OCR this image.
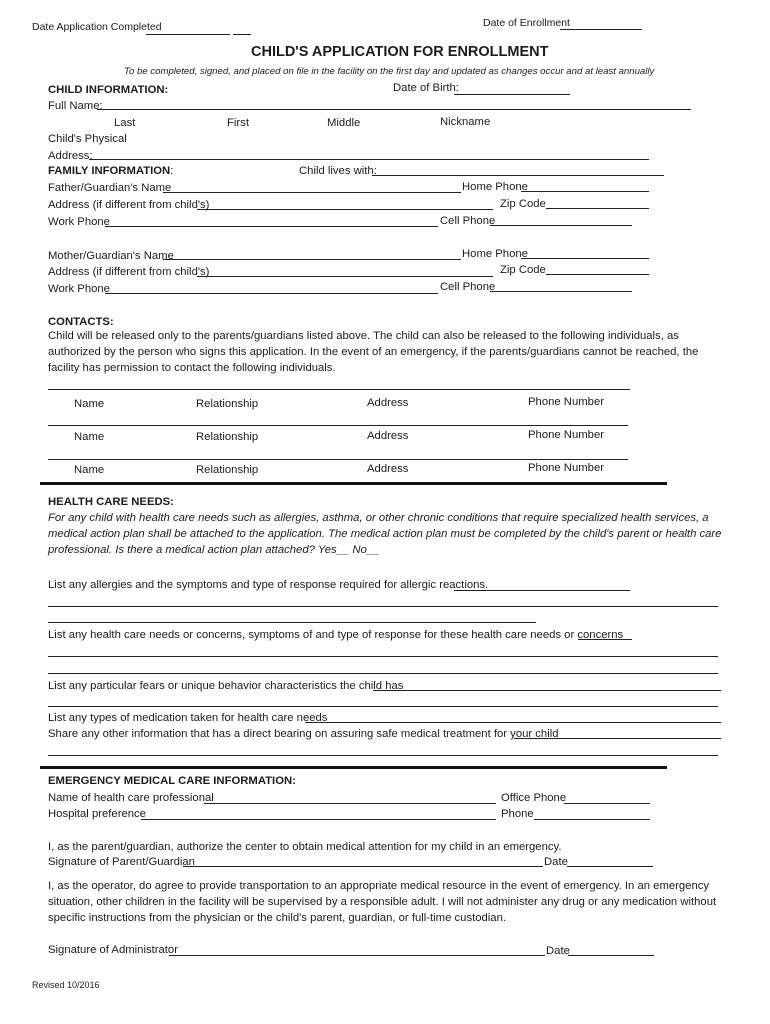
Date Application Completed	Date of Enrollment
CHILD'S APPLICATION FOR ENROLLMENT
To be completed, signed, and placed on file in the facility on the first day and updated as changes occur and at least annually
CHILD INFORMATION:	Date of Birth:
Full Name:
Last	First	Middle	Nickname
Child's Physical
Address:
FAMILY INFORMATION:	Child lives with:
Father/Guardian's Name	Home Phone
Address (if different from child's)	Zip Code
Work Phone	Cell Phone
Mother/Guardian's Name	Home Phone
Address (if different from child's)	Zip Code
Work Phone	Cell Phone
CONTACTS:
Child will be released only to the parents/guardians listed above. The child can also be released to the following individuals, as authorized by the person who signs this application. In the event of an emergency, if the parents/guardians cannot be reached, the facility has permission to contact the following individuals.
Name	Relationship	Address	Phone Number
Name	Relationship	Address	Phone Number
Name	Relationship	Address	Phone Number
HEALTH CARE NEEDS:
For any child with health care needs such as allergies, asthma, or other chronic conditions that require specialized health services, a medical action plan shall be attached to the application. The medical action plan must be completed by the child's parent or health care professional. Is there a medical action plan attached? Yes__ No__
List any allergies and the symptoms and type of response required for allergic reactions.
List any health care needs or concerns, symptoms of and type of response for these health care needs or concerns
List any particular fears or unique behavior characteristics the child has
List any types of medication taken for health care needs
Share any other information that has a direct bearing on assuring safe medical treatment for your child
EMERGENCY MEDICAL CARE INFORMATION:
Name of health care professional	Office Phone
Hospital preference	Phone
I, as the parent/guardian, authorize the center to obtain medical attention for my child in an emergency.
Signature of Parent/Guardian	Date
I, as the operator, do agree to provide transportation to an appropriate medical resource in the event of emergency. In an emergency situation, other children in the facility will be supervised by a responsible adult. I will not administer any drug or any medication without specific instructions from the physician or the child's parent, guardian, or full-time custodian.
Signature of Administrator	Date
Revised 10/2016
